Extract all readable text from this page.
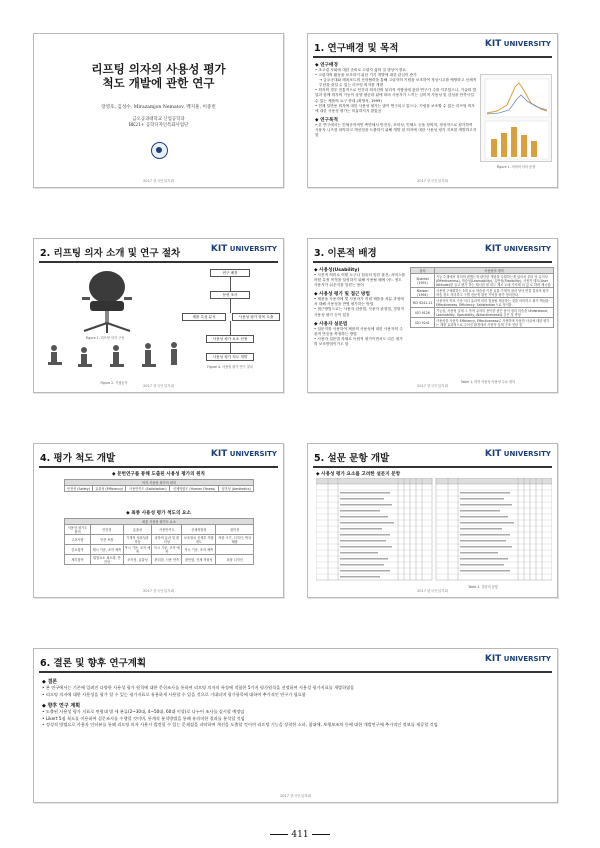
리프팅 의자의 사용성 평가
척도 개발에 관한 연구
장영호, 김성수, Mirazamjon Nematov, 백지훈, 이중빈
금오공과대학교 산업공학과
BK21+ 공학디자인특화사업단
2017 한국인설지회
1. 연구배경 및 목적	KIT UNIVERSITY
◆ 연구배경
• 초고령 사회에 대한 준비로 고령자 삶의 질 향상이 중요
• 고령자의 활동을 보조하기 위한 기기 개발에 대한 관심이 증가
→ 금오공대와 레치포트의 산학협력을 통해 고령자의 기립을 보조하여 착상시고를 예방하고 신체적 부담을 줄일 수 있는 리프팅 의자를 개발
• 의자의 경우 전통적으로 인간과 의자간의 물리적 적합성에 관한 연구가 주를 이루었으나, 기술의 발달과 함께 의자의 기능이 상향 평준화 됨에 따라 사용자가 느끼는 심미적 사용성 및 감성을 만족시킬 수 있는 제품의 요구 증대 (최영석, 1999)
• 현재 일반용 의자에 대한 사용성 평가는 많이 연구되고 있으나, 기립을 보조할 수 있는 리프팅 의자에 대한 사용성 평가는 미흡하지지 않았음
◆ 연구목적
• 본 연구에서는 인체공학적인 측면에서 안전성, 조작성, 인체도 등을 정의적, 정성적으로 평가하여 사용자 니즈를 파악하고 개선점을 도출하기 위해 개발 된 의자에 대한 사용성 평가 지표를 개발하고자 함
Figure 1. 의의의 의의 동향
2017 한국인설지회
2. 리프팅 의자 소개 및 연구 절차	KIT UNIVERSITY
Figure 1. 리프팅 의자 구성
Figure 2. 기립동작
연구 배경
문헌 조사
제품 특성 분석	사용성 평가 항목 도출
사용성 평가 요소 선정
사용성 평가 척도 개발
Figure 4. 사용성 평가 연구 절차
2017 한국인설지회
3. 이론적 배경	KIT UNIVERSITY
◆ 사용성(Usability)
• 사전적 의미로 어떤 도구나 컴퓨터 임한 물건, 서비스를 어떤 특정 목적을 달성하기 위해 사용될 때에 어느 정도 사용자가 쉬운지를 일컫는 용어
◆ 사용성 평가 및 접근 방법
• 제품을 사용자에 몇 사용자가 직접 제품을 처분 과정에서 대해 사용성을 반영 평가하는 방법
• 접근방법으로는 사용자 검증법, 사용자 관점법, 경험적 사용성 평가 등이 있음
◆ 사용자 설문법
• 설문지를 사용하여 제품의 사용성에 대한 사용자의 주관적 반응을 측정하는 방법
• 사용자 설문법 자체로 독립적 평가이면서도 다른 평가의 보조방법이기도 함
출처	사용성의 정의
Shackel (1991)	기능 수행에서 복지적 편했는지 판단한 개념을 수월하는게 있어서 부터 당 유익성(Effectiveness), 학습성(Learnability), 유연성(Flexibility), 사용자 태도(User Attitude)를 들고 평가 하는 제시한 평 피드 제시 도매 가지체 피 있 로 하며 제시함.
Nielsen (1994)	사용성 구체화하는 5개 요소 학습성 이용 효율 기계적 절차 당사 연결 결과적 평가 학습 정도 의미하고 구별 전문적 잘못 기억을 평가 정의한다
ISO 9241-11	사용자의 목표 기준 어디 효과적 의미 집용할 제공하는 것을 의미하고 평가 핵심을 Effectiveness, Efficiency, Satisfaction으로 정의함.
ISO 9126	기능성, 사용성 설계 그 목적 유의미 용이한 좋은 용이 정리 학습을 Understand, Learnability, Operability, Attractiveness와 같은 것 측정
ISO 9241	사용성을 사용자 Efficiency, Effectiveness로 사용하며 사용한 사실에 대한 평가는 제품 효과적으로 주어진 환경에서 사용자 설계 구조 전한 것
Table 1. 학자 사용성 사용성 주요 정의
2017 한국인설지회
4. 평가 척도 개발	KIT UNIVERSITY
◆ 문헌연구를 통해 도출된 사용성 평가의 원칙
의자 사용성 평가의 원칙
안전성 (Safety)	효율성 (Efficiency)	사용만족도 (Satisfaction)	신체적합도 (Human Fitness)	심미성 (Aesthetics)
◆ 최종 사용성 평가 척도의 요소
최종 사용성 평가도 요소					
사용성 평가도 원칙	안전성	효율성	사용만족도	신체적합성	심미성
고려사항	안전 보장	기계적 성취성과 학습	과학적 효과 및 편리성	보조장치 신체부 적합정도	적합 크기, 디자인, 색상 배합
중요항목	제시 기준, 조작 예측	목시 기준, 조작 예측	목시 기준, 조작 예측	목시 기준, 조작 예측	
세부항목	위험요소 최소화, 안전성	조작성, 효율성	편리함, 사용 만족	편안함, 신체 적합성	외형 디자인
2017 한국인설지회
5. 설문 문항 개발	KIT UNIVERSITY
◆ 사용성 평가 요소를 고려한 설문지 문항
Table 2. 설문지 문항
2017 한국인설지회
6. 결론 및 향후 연구계획	KIT UNIVERSITY
◆ 결론
• 본 연구에서는 기존에 일려진 다양한 사용성 평가 원칙에 대한 문헌조사를 통하여 리프팅 의자의 특징에 적합한 5가지 평가원칙을 선정하여 사용성 평가지표를 개발하였음
• 리프팅 의자에 대한 사용성을 평가 할 수 있는 평가지표로 유용하게 사용할 수 있을 것으로 기대되며 평가항목에 대하여 추가적인 연구가 필요함
◆ 향후 연구 계획
• 도출된 사용성 평가 지표로 연령대 별 세 분류(2~30대, 4~50대, 60대 이상)로 나누어 조사를 실시할 예정임
• Likert 5점 척도를 이용하여 설문조사를 수행할 것이며, 통계적 분석방법을 통해 유의미한 결과를 분석할 것임
• 정성적 방법으로 사용자 인터뷰를 통해 리프팅 의자 사용시 발견될 수 있는 문제점을 파악하여 개선을 도출할 것이며 리프팅 기능을 장착한 소파, 침대에, 보행보조차 등에 대한 개발연구에 추가적인 정보를 제공할 것임
2017 한국인설지회
411
